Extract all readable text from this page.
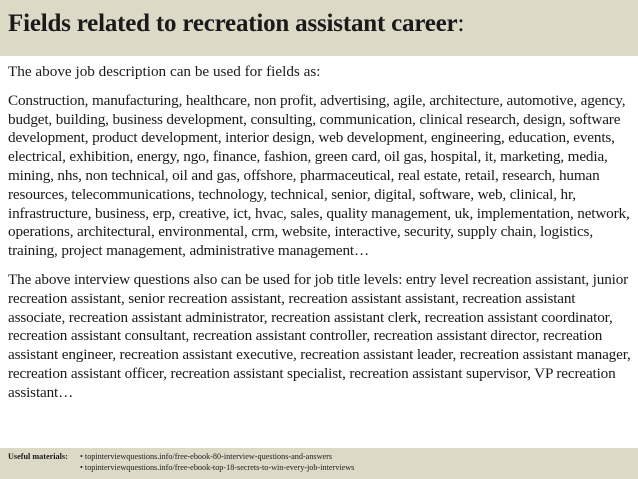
Fields related to recreation assistant career:

The above job description can be used for fields as:

Construction, manufacturing, healthcare, non profit, advertising, agile, architecture, automotive, agency, budget, building, business development, consulting, communication, clinical research, design, software development, product development, interior design, web development, engineering, education, events, electrical, exhibition, energy, ngo, finance, fashion, green card, oil gas, hospital, it, marketing, media, mining, nhs, non technical, oil and gas, offshore, pharmaceutical, real estate, retail, research, human resources, telecommunications, technology, technical, senior, digital, software, web, clinical, hr, infrastructure, business, erp, creative, ict, hvac, sales, quality management, uk, implementation, network, operations, architectural, environmental, crm, website, interactive, security, supply chain, logistics, training, project management, administrative management…

The above interview questions also can be used for job title levels: entry level recreation assistant, junior recreation assistant, senior recreation assistant, recreation assistant assistant, recreation assistant associate, recreation assistant administrator, recreation assistant clerk, recreation assistant coordinator, recreation assistant consultant, recreation assistant controller, recreation assistant director, recreation assistant engineer, recreation assistant executive, recreation assistant leader, recreation assistant manager, recreation assistant officer, recreation assistant specialist, recreation assistant supervisor, VP recreation assistant…

Useful materials:	• topinterviewquestions.info/free-ebook-80-interview-questions-and-answers
• topinterviewquestions.info/free-ebook-top-18-secrets-to-win-every-job-interviews
